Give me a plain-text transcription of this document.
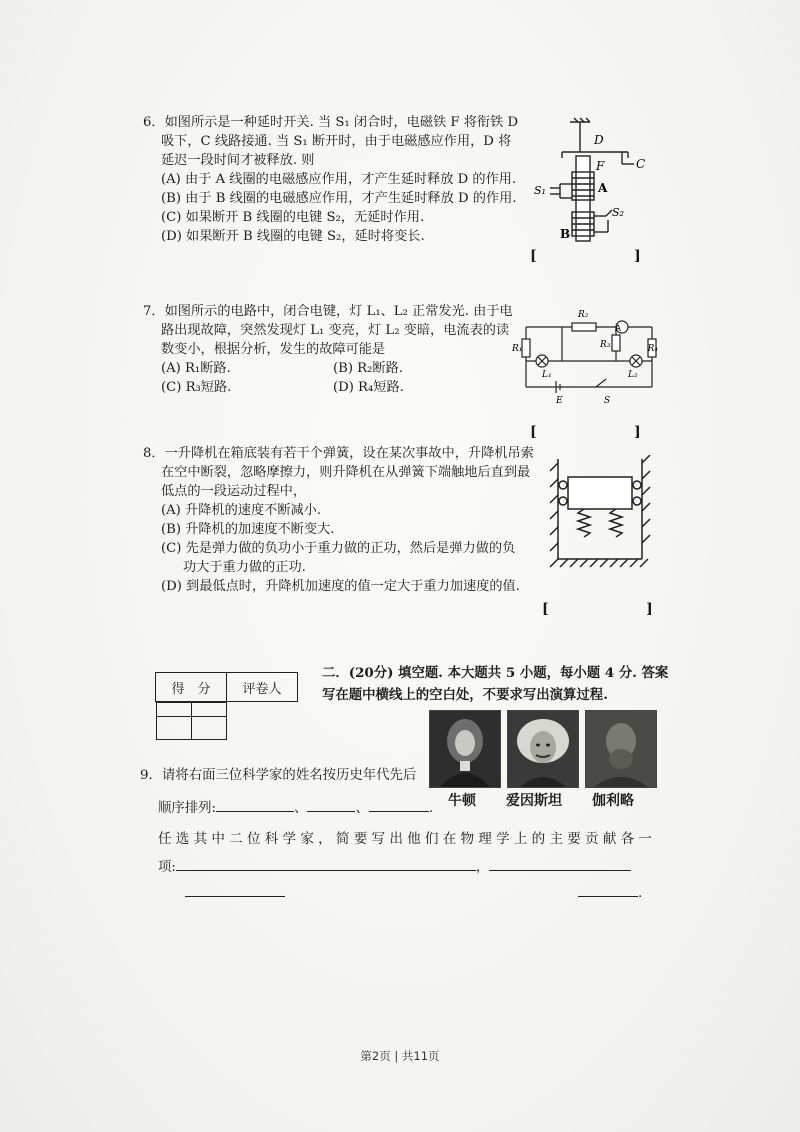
6．如图所示是一种延时开关. 当 S₁ 闭合时，电磁铁 F 将衔铁 D
吸下，C 线路接通. 当 S₁ 断开时，由于电磁感应作用，D 将
延迟一段时间才被释放. 则
(A) 由于 A 线圈的电磁感应作用，才产生延时释放 D 的作用.
(B) 由于 B 线圈的电磁感应作用，才产生延时释放 D 的作用.
(C) 如果断开 B 线圈的电键 S₂，无延时作用.
(D) 如果断开 B 线圈的电键 S₂，延时将变长.
D
F	C
A
B
S₁
S₂
[                    ]
7．如图所示的电路中，闭合电键，灯 L₁、L₂ 正常发光. 由于电
路出现故障，突然发现灯 L₁ 变亮，灯 L₂ 变暗，电流表的读
数变小，根据分析，发生的故障可能是
(A) R₁断路.	(B) R₂断路.
(C) R₃短路.	(D) R₄短路.
A
R₂
R₁	R₃	R₄
L₁	L₂
E	S
[                    ]
8．一升降机在箱底装有若干个弹簧，设在某次事故中，升降机吊索
在空中断裂，忽略摩擦力，则升降机在从弹簧下端触地后直到最
低点的一段运动过程中，
(A) 升降机的速度不断减小.
(B) 升降机的加速度不断变大.
(C) 先是弹力做的负功小于重力做的正功，然后是弹力做的负
功大于重力做的正功.
(D) 到最低点时，升降机加速度的值一定大于重力加速度的值.
[                    ]
得　分	评卷人

二．(20分) 填空题. 本大题共 5 小题，每小题 4 分. 答案
写在题中横线上的空白处，不要求写出演算过程.
牛顿 爱因斯坦 伽利略
9．请将右面三位科学家的姓名按历史年代先后
顺序排列:	、	、	.
任选其中二位科学家，简要写出他们在物理学上的主要贡献各一
项:	，
.
第2页 | 共11页
